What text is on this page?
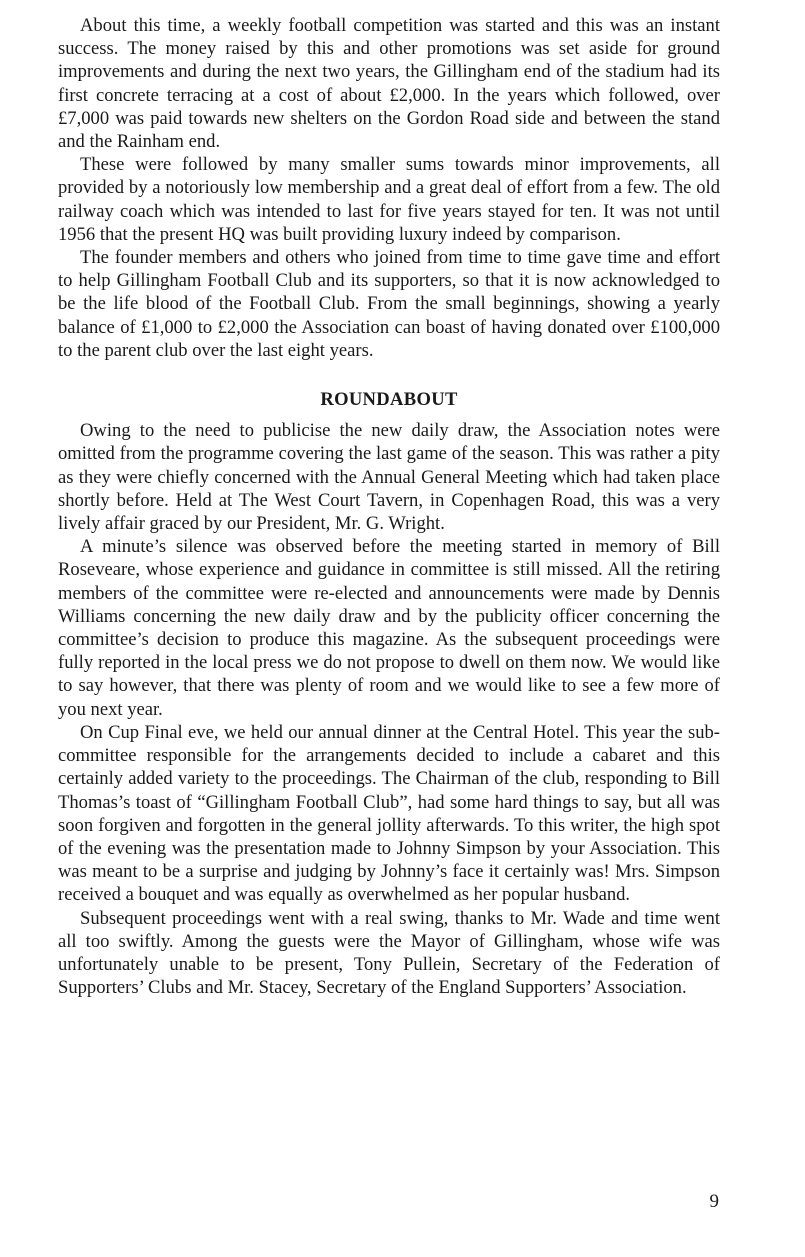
About this time, a weekly football competition was started and this was an instant success. The money raised by this and other promotions was set aside for ground improvements and during the next two years, the Gillingham end of the stadium had its first concrete terracing at a cost of about £2,000. In the years which followed, over £7,000 was paid towards new shelters on the Gordon Road side and between the stand and the Rainham end.

These were followed by many smaller sums towards minor improvements, all provided by a notoriously low membership and a great deal of effort from a few. The old railway coach which was intended to last for five years stayed for ten. It was not until 1956 that the present HQ was built providing luxury indeed by comparison.

The founder members and others who joined from time to time gave time and effort to help Gillingham Football Club and its supporters, so that it is now acknowledged to be the life blood of the Football Club. From the small beginnings, showing a yearly balance of £1,000 to £2,000 the Association can boast of having donated over £100,000 to the parent club over the last eight years.

ROUNDABOUT

Owing to the need to publicise the new daily draw, the Association notes were omitted from the programme covering the last game of the season. This was rather a pity as they were chiefly concerned with the Annual General Meeting which had taken place shortly before. Held at The West Court Tavern, in Copenhagen Road, this was a very lively affair graced by our President, Mr. G. Wright.

A minute’s silence was observed before the meeting started in memory of Bill Roseveare, whose experience and guidance in committee is still missed. All the retiring members of the committee were re-elected and announcements were made by Dennis Williams concerning the new daily draw and by the publicity officer concerning the committee’s decision to produce this magazine. As the subsequent proceedings were fully reported in the local press we do not propose to dwell on them now. We would like to say however, that there was plenty of room and we would like to see a few more of you next year.

On Cup Final eve, we held our annual dinner at the Central Hotel. This year the sub-committee responsible for the arrangements decided to include a cabaret and this certainly added variety to the proceedings. The Chairman of the club, responding to Bill Thomas’s toast of “Gillingham Football Club”, had some hard things to say, but all was soon forgiven and forgotten in the general jollity afterwards. To this writer, the high spot of the evening was the presentation made to Johnny Simpson by your Association. This was meant to be a surprise and judging by Johnny’s face it certainly was! Mrs. Simpson received a bouquet and was equally as overwhelmed as her popular husband.

Subsequent proceedings went with a real swing, thanks to Mr. Wade and time went all too swiftly. Among the guests were the Mayor of Gillingham, whose wife was unfortunately unable to be present, Tony Pullein, Secretary of the Federation of Supporters’ Clubs and Mr. Stacey, Secretary of the England Supporters’ Association.

9
